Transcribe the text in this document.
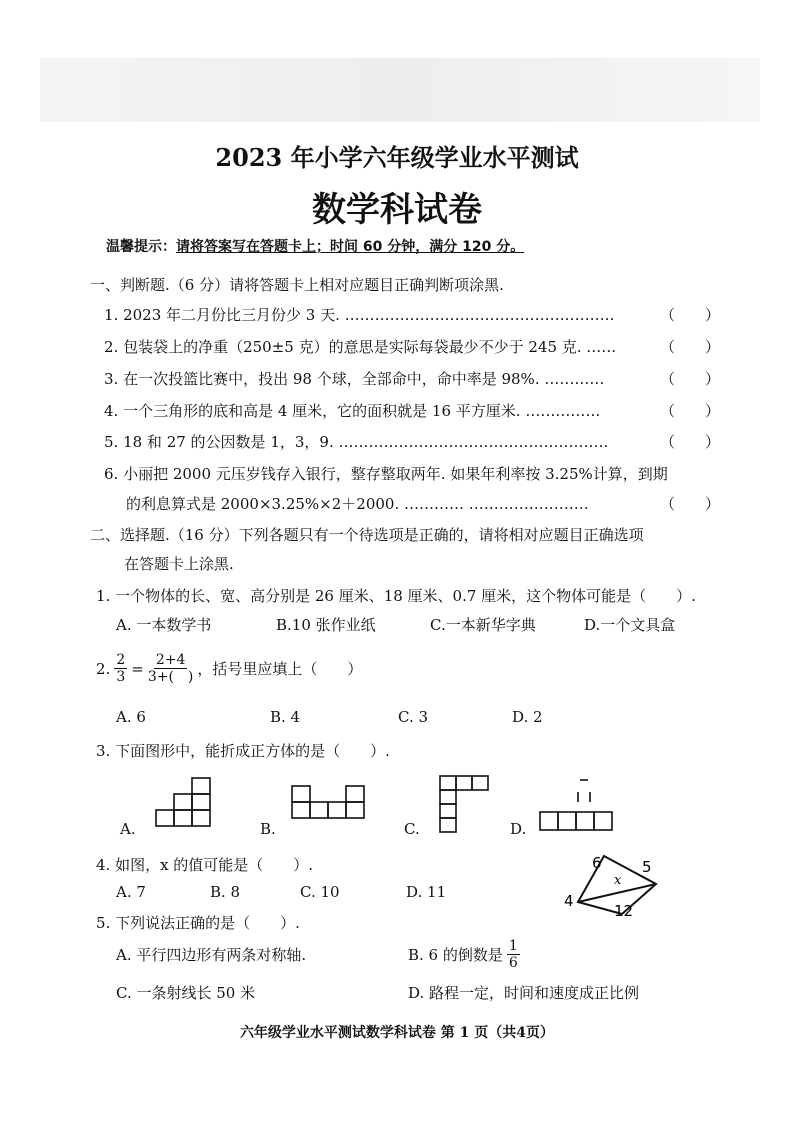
2023 年小学六年级学业水平测试
数学科试卷
温馨提示：请将答案写在答题卡上；时间 60 分钟，满分 120 分。
一、判断题.（6 分）请将答题卡上相对应题目正确判断项涂黑.
1. 2023 年二月份比三月份少 3 天. ………………………………………………	（　　）
2. 包装袋上的净重（250±5 克）的意思是实际每袋最少不少于 245 克. ……	（　　）
3. 在一次投篮比赛中，投出 98 个球，全部命中，命中率是 98%. …………	（　　）
4. 一个三角形的底和高是 4 厘米，它的面积就是 16 平方厘米. ……………	（　　）
5. 18 和 27 的公因数是 1，3，9. ………………………………………………	（　　）
6. 小丽把 2000 元压岁钱存入银行，整存整取两年. 如果年利率按 3.25%计算，到期
的利息算式是 2000×3.25%×2＋2000. ………… ……………………	（　　）
二、选择题.（16 分）下列各题只有一个待选项是正确的，请将相对应题目正确选项
在答题卡上涂黑.
1. 一个物体的长、宽、高分别是 26 厘米、18 厘米、0.7 厘米，这个物体可能是（　　）.
A. 一本数学书	B.10 张作业纸	C.一本新华字典	D.一个文具盒
2. $\frac{2}{3} = \frac{2+4}{3+( )}$ ，括号里应填上（　　）
A. 6	B. 4	C. 3	D. 2
3. 下面图形中，能折成正方体的是（　　）.
A.	B.	C.	D.
4. 如图，x 的值可能是（　　）.
A. 7	B. 8	C. 10	D. 11
6	5
x
4
12
5. 下列说法正确的是（　　）.
A. 平行四边形有两条对称轴.	B. 6 的倒数是 $\frac{1}{6}$
C. 一条射线长 50 米	D. 路程一定，时间和速度成正比例
六年级学业水平测试数学科试卷 第 1 页（共4页）
